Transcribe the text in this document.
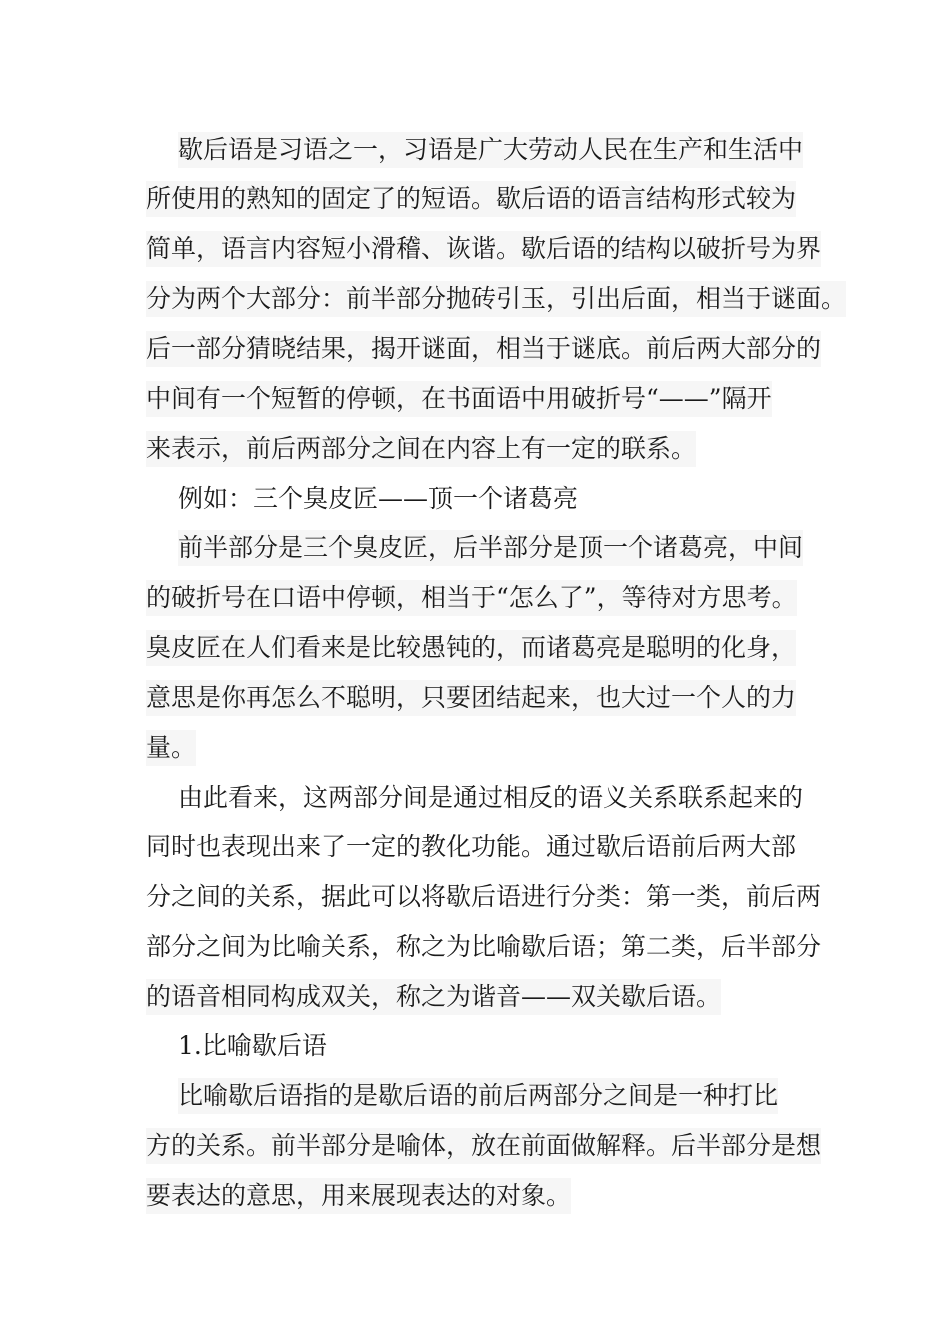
歇后语是习语之一，习语是广大劳动人民在生产和生活中
所使用的熟知的固定了的短语。歇后语的语言结构形式较为
简单，语言内容短小滑稽、诙谐。歇后语的结构以破折号为界
分为两个大部分：前半部分抛砖引玉，引出后面，相当于谜面。
后一部分猜晓结果，揭开谜面，相当于谜底。前后两大部分的
中间有一个短暂的停顿，在书面语中用破折号“——”隔开
来表示，前后两部分之间在内容上有一定的联系。
例如：三个臭皮匠——顶一个诸葛亮
前半部分是三个臭皮匠，后半部分是顶一个诸葛亮，中间
的破折号在口语中停顿，相当于“怎么了”，等待对方思考。
臭皮匠在人们看来是比较愚钝的，而诸葛亮是聪明的化身，
意思是你再怎么不聪明，只要团结起来，也大过一个人的力
量。
由此看来，这两部分间是通过相反的语义关系联系起来的
同时也表现出来了一定的教化功能。通过歇后语前后两大部
分之间的关系，据此可以将歇后语进行分类：第一类，前后两
部分之间为比喻关系，称之为比喻歇后语；第二类，后半部分
的语音相同构成双关，称之为谐音——双关歇后语。
1.比喻歇后语
比喻歇后语指的是歇后语的前后两部分之间是一种打比
方的关系。前半部分是喻体，放在前面做解释。后半部分是想
要表达的意思，用来展现表达的对象。
